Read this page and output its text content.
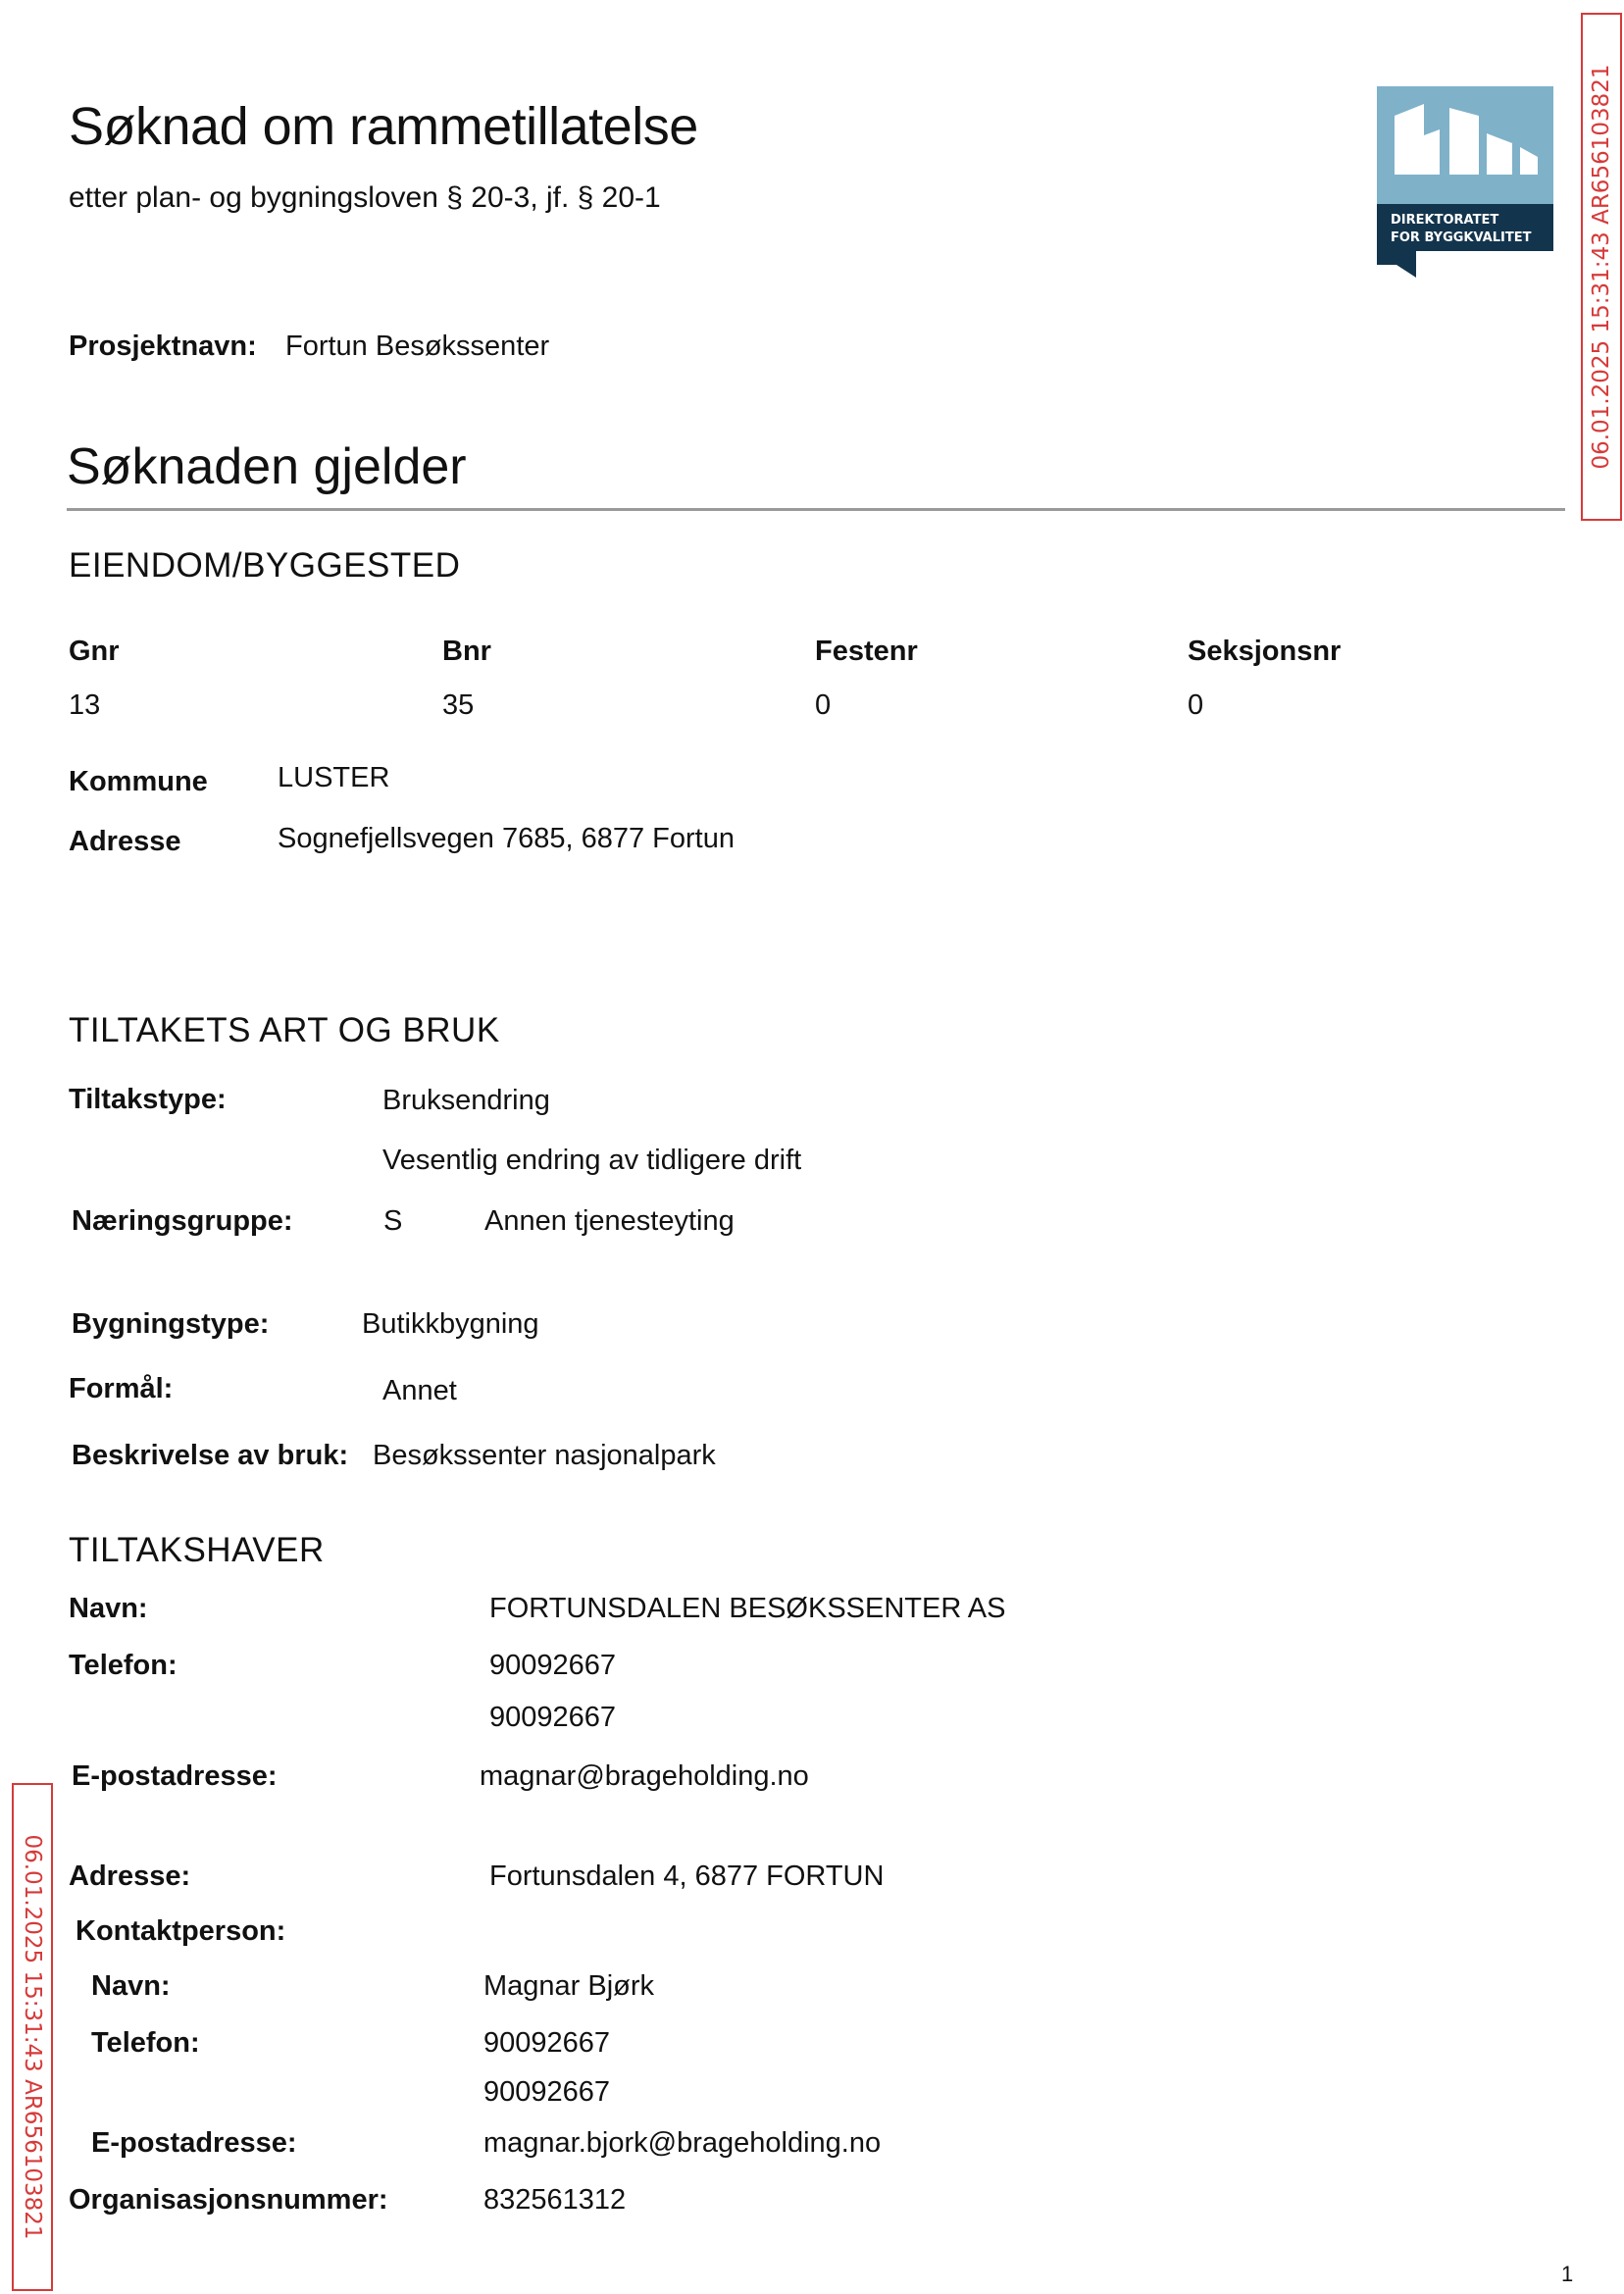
Søknad om rammetillatelse
etter plan- og bygningsloven § 20-3, jf. § 20-1
DIREKTORATET
FOR BYGGKVALITET	06.01.2025 15:31:43 AR656103821
06.01.2025 15:31:43 AR656103821
Prosjektnavn: Fortun Besøkssenter
Søknaden gjelder
EIENDOM/BYGGESTED
Gnr	Bnr	Festenr	Seksjonsnr
13	35	0	0
Kommune LUSTER
Adresse	Sognefjellsvegen 7685, 6877 Fortun
TILTAKETS ART OG BRUK
Tiltakstype:	Bruksendring
Vesentlig endring av tidligere drift
Næringsgruppe:	S	Annen tjenesteyting
Bygningstype:	Butikkbygning
Formål:	Annet
Beskrivelse av bruk: Besøkssenter nasjonalpark
TILTAKSHAVER
Navn:	FORTUNSDALEN BESØKSSENTER AS
Telefon:	90092667
90092667
E-postadresse:	magnar@brageholding.no
Adresse:	Fortunsdalen 4, 6877 FORTUN
Kontaktperson:
Navn:	Magnar Bjørk
Telefon:	90092667
90092667
E-postadresse:	magnar.bjork@brageholding.no
Organisasjonsnummer:	832561312
1
